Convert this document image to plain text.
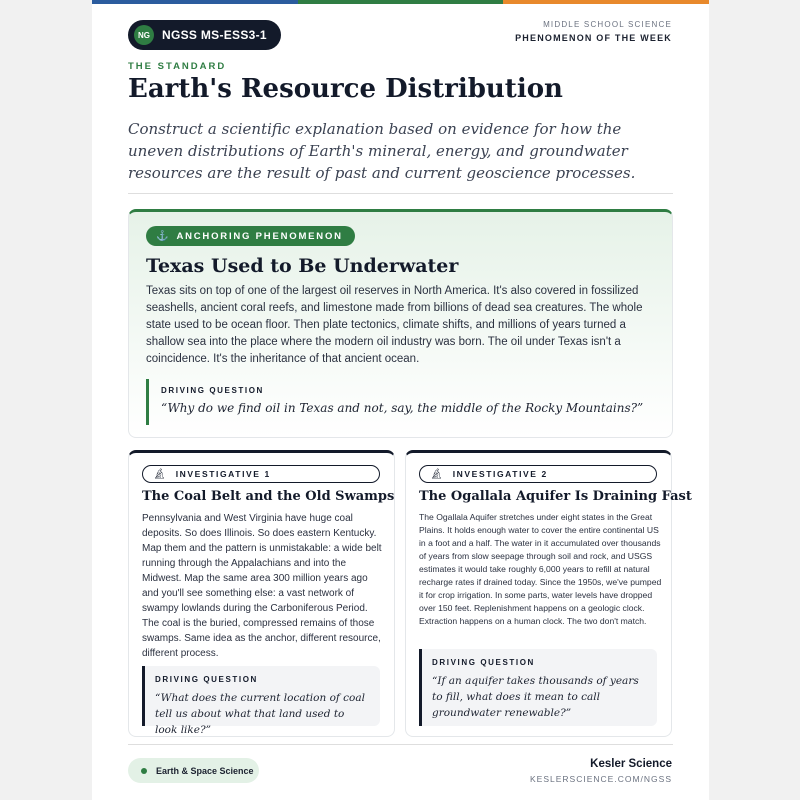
NG	NGSS MS-ESS3-1
MIDDLE SCHOOL SCIENCE
PHENOMENON OF THE WEEK
THE STANDARD
Earth's Resource Distribution

Construct a scientific explanation based on evidence for how the uneven distributions of Earth's mineral, energy, and groundwater resources are the result of past and current geoscience processes.

⚓ ANCHORING PHENOMENON
Texas Used to Be Underwater

Texas sits on top of one of the largest oil reserves in North America. It's also covered in fossilized seashells, ancient coral reefs, and limestone made from billions of dead sea creatures. The whole state used to be ocean floor. Then plate tectonics, climate shifts, and millions of years turned a shallow sea into the place where the modern oil industry was born. The oil under Texas isn't a coincidence. It's the inheritance of that ancient ocean.

DRIVING QUESTION
“Why do we find oil in Texas and not, say, the middle of the Rocky Mountains?”
🔬︎ INVESTIGATIVE 1
The Coal Belt and the Old Swamps

Pennsylvania and West Virginia have huge coal deposits. So does Illinois. So does eastern Kentucky. Map them and the pattern is unmistakable: a wide belt running through the Appalachians and into the Midwest. Map the same area 300 million years ago and you'll see something else: a vast network of swampy lowlands during the Carboniferous Period. The coal is the buried, compressed remains of those swamps. Same idea as the anchor, different resource, different process.

DRIVING QUESTION
“What does the current location of coal tell us about what that land used to look like?”
🔬︎ INVESTIGATIVE 2
The Ogallala Aquifer Is Draining Fast

The Ogallala Aquifer stretches under eight states in the Great Plains. It holds enough water to cover the entire continental US in a foot and a half. The water in it accumulated over thousands of years from slow seepage through soil and rock, and USGS estimates it would take roughly 6,000 years to refill at natural recharge rates if drained today. Since the 1950s, we've pumped it for crop irrigation. In some parts, water levels have dropped over 150 feet. Replenishment happens on a geologic clock. Extraction happens on a human clock. The two don't match.

DRIVING QUESTION
“If an aquifer takes thousands of years to fill, what does it mean to call groundwater renewable?”
Earth & Space Science
Kesler Science
KESLERSCIENCE.COM/NGSS
